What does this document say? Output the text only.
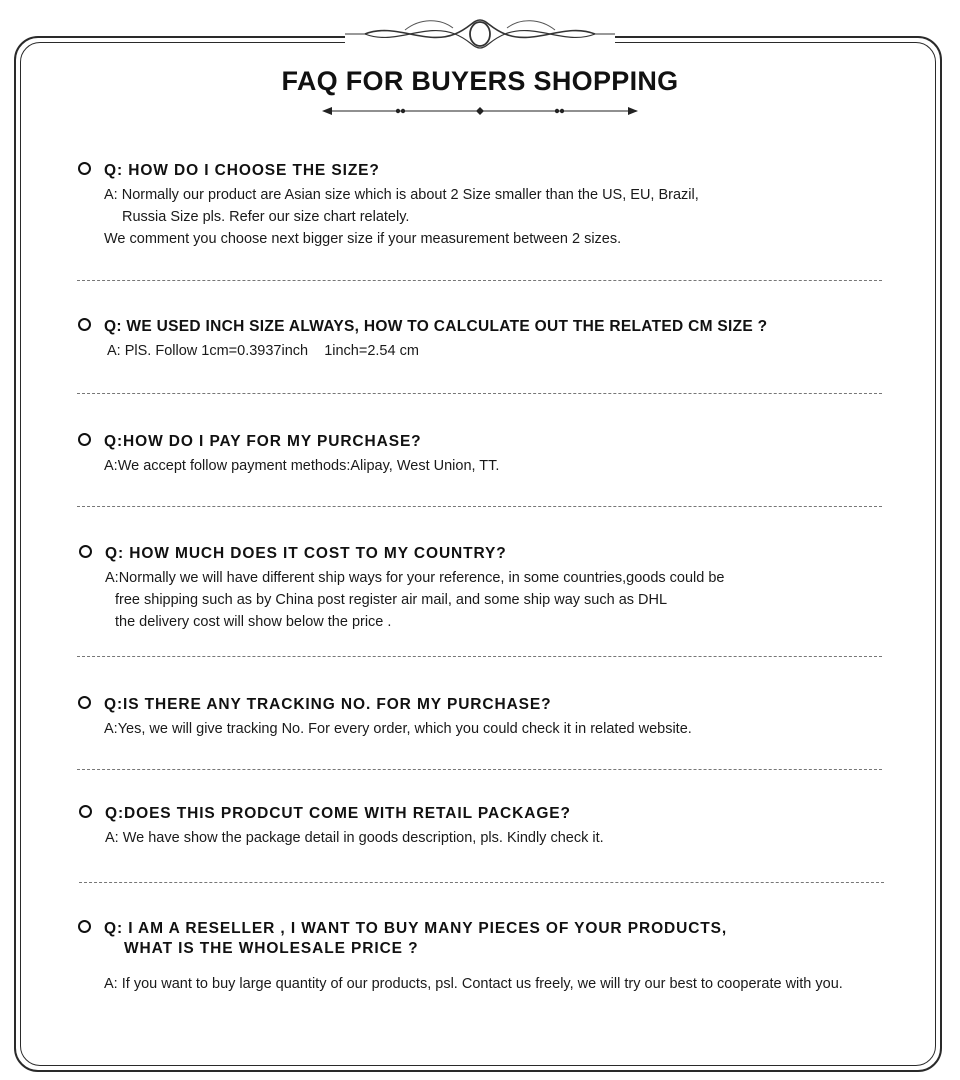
FAQ FOR BUYERS SHOPPING
Q: HOW DO I CHOOSE THE SIZE?
A: Normally our product are Asian size which is about 2 Size smaller than the US, EU, Brazil,
Russia Size pls. Refer our size chart relately.
We comment you choose next bigger size if your measurement between 2 sizes.
Q: WE USED INCH SIZE ALWAYS, HOW TO CALCULATE OUT THE RELATED CM SIZE ?
A: PlS. Follow 1cm=0.3937inch    1inch=2.54 cm
Q:HOW DO I PAY FOR MY PURCHASE?
A:We accept follow payment methods:Alipay, West Union, TT.
Q: HOW MUCH DOES IT COST TO MY COUNTRY?
A:Normally we will have different ship ways for your reference, in some countries,goods could be
free shipping such as by China post register air mail, and some ship way such as DHL
the delivery cost will show below the price .
Q:IS THERE ANY TRACKING NO. FOR MY PURCHASE?
A:Yes, we will give tracking No. For every order, which you could check it in related website.
Q:DOES THIS PRODCUT COME WITH RETAIL PACKAGE?
A: We have show the package detail in goods description, pls. Kindly check it.
Q: I AM A RESELLER , I WANT TO BUY MANY PIECES OF YOUR PRODUCTS,
WHAT IS THE WHOLESALE PRICE ?
A: If you want to buy large quantity of our products, psl. Contact us freely, we will try our best to cooperate with you.
